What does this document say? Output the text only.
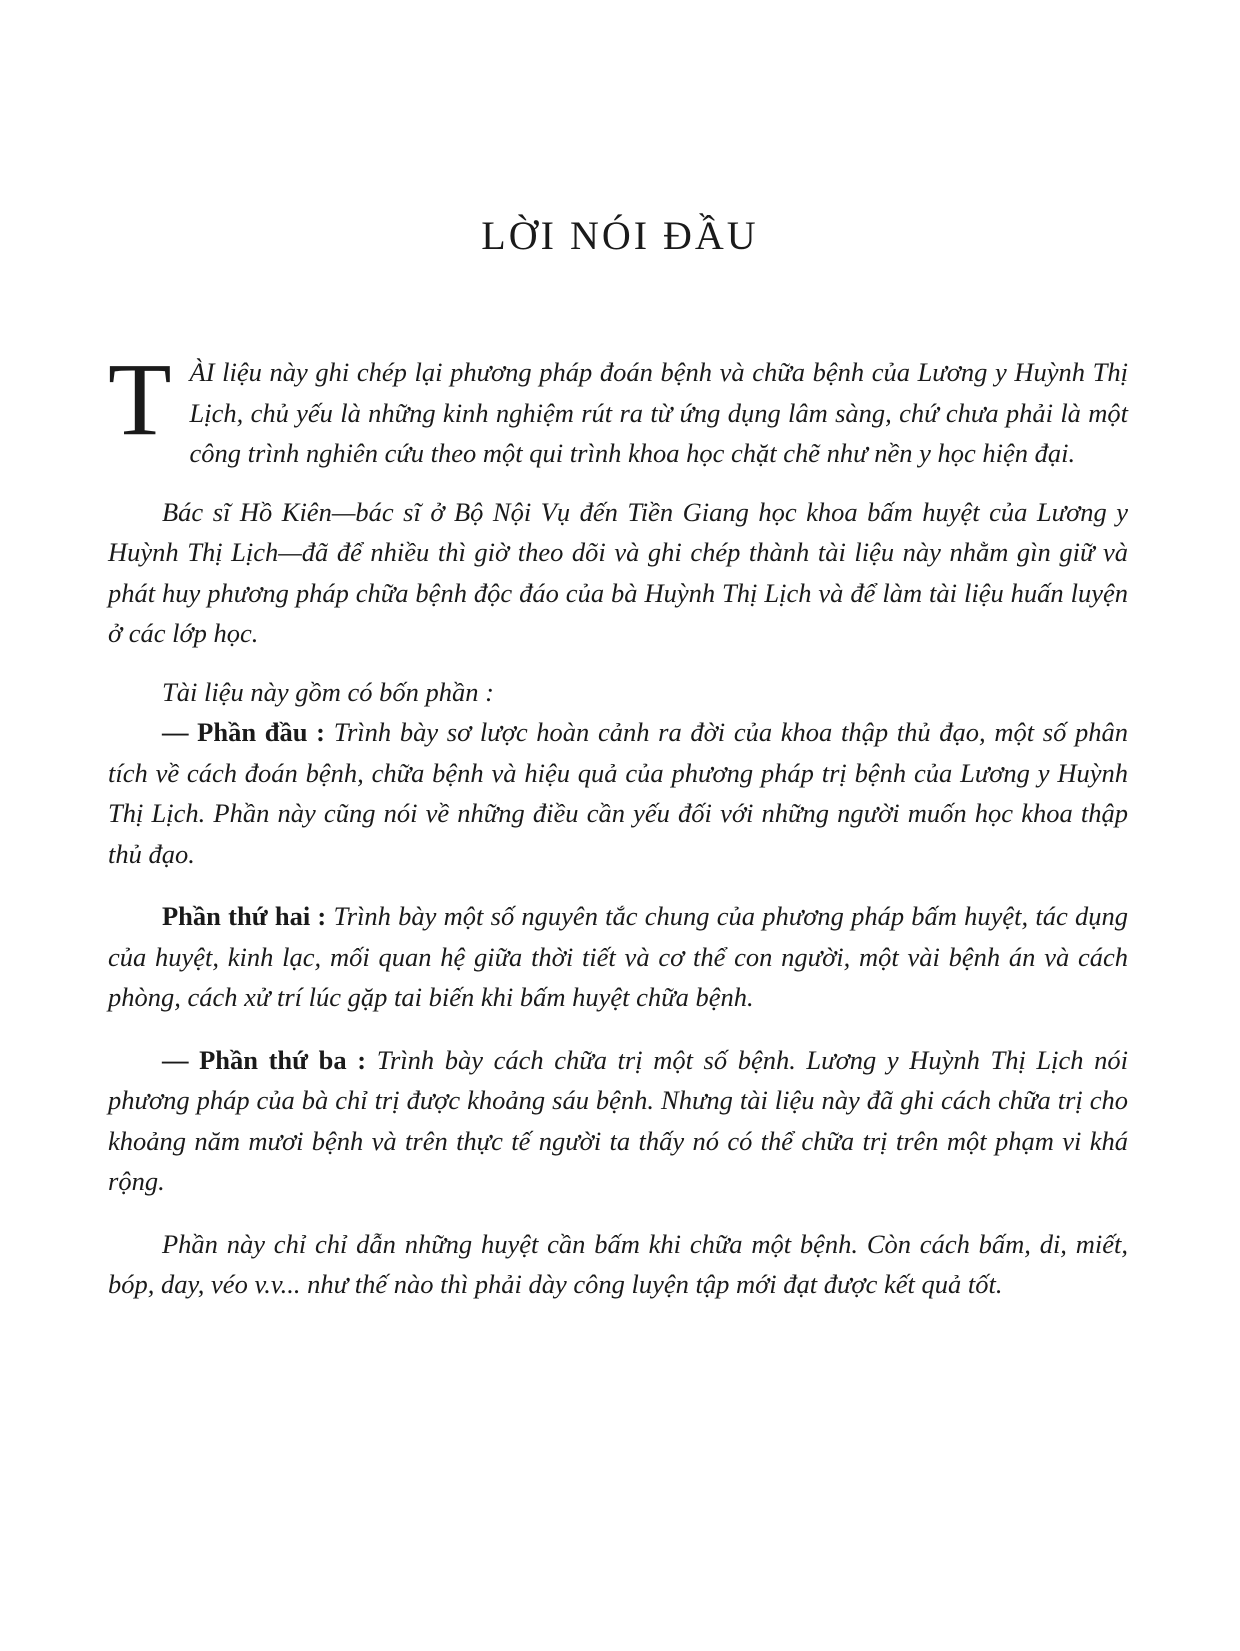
LỜI NÓI ĐẦU

TÀI liệu này ghi chép lại phương pháp đoán bệnh và chữa bệnh của Lương y Huỳnh Thị Lịch, chủ yếu là những kinh nghiệm rút ra từ ứng dụng lâm sàng, chứ chưa phải là một công trình nghiên cứu theo một qui trình khoa học chặt chẽ như nền y học hiện đại.

Bác sĩ Hồ Kiên—bác sĩ ở Bộ Nội Vụ đến Tiền Giang học khoa bấm huyệt của Lương y Huỳnh Thị Lịch—đã để nhiều thì giờ theo dõi và ghi chép thành tài liệu này nhằm gìn giữ và phát huy phương pháp chữa bệnh độc đáo của bà Huỳnh Thị Lịch và để làm tài liệu huấn luyện ở các lớp học.

Tài liệu này gồm có bốn phần :

— Phần đầu : Trình bày sơ lược hoàn cảnh ra đời của khoa thập thủ đạo, một số phân tích về cách đoán bệnh, chữa bệnh và hiệu quả của phương pháp trị bệnh của Lương y Huỳnh Thị Lịch. Phần này cũng nói về những điều cần yếu đối với những người muốn học khoa thập thủ đạo.

Phần thứ hai : Trình bày một số nguyên tắc chung của phương pháp bấm huyệt, tác dụng của huyệt, kinh lạc, mối quan hệ giữa thời tiết và cơ thể con người, một vài bệnh án và cách phòng, cách xử trí lúc gặp tai biến khi bấm huyệt chữa bệnh.

— Phần thứ ba : Trình bày cách chữa trị một số bệnh. Lương y Huỳnh Thị Lịch nói phương pháp của bà chỉ trị được khoảng sáu bệnh. Nhưng tài liệu này đã ghi cách chữa trị cho khoảng năm mươi bệnh và trên thực tế người ta thấy nó có thể chữa trị trên một phạm vi khá rộng.

Phần này chỉ chỉ dẫn những huyệt cần bấm khi chữa một bệnh. Còn cách bấm, di, miết, bóp, day, véo v.v... như thế nào thì phải dày công luyện tập mới đạt được kết quả tốt.
